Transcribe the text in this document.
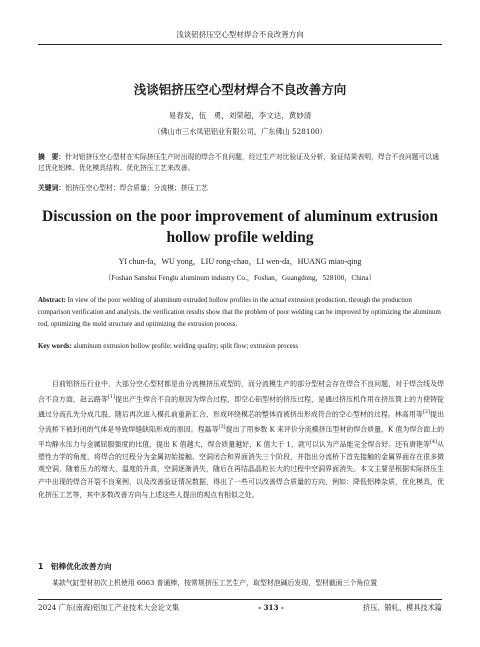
浅谈铝挤压空心型材焊合不良改善方向
浅谈铝挤压空心型材焊合不良改善方向
易春发，伍　勇，刘荣超，李文达，黄妙清
（佛山市三水凤铝铝业有限公司，广东佛山 528100）
摘　要：针对铝挤压空心型材在实际挤压生产时出现的焊合不良问题，经过生产对比验证及分析，验证结果表明，焊合不良问题可以通过优化铝棒、优化模具结构、优化挤压工艺来改善。
关键词：铝挤压空心型材；焊合质量；分流模；挤压工艺
Discussion on the poor improvement of aluminum extrusion hollow profile welding
YI chun-fa，WU yong，LIU rong-chao，LI wen-da，HUANG miao-qing
（Foshan Sanshui Fenglu aluminum industry Co.，Foshan，Guangdong，528100，China）
Abstract: In view of the poor welding of aluminum extruded hollow profiles in the actual extrusion production, through the production comparison verification and analysis, the verification results show that the problem of poor welding can be improved by optimizing the aluminum rod, optimizing the mold structure and optimizing the extrusion process.
Key words: aluminum extrusion hollow profile; welding quality; split flow; extrusion process
目前铝挤压行业中，大部分空心型材都是由分流模挤压成型的，而分流模生产的部分型材会存在焊合不良问题，对于焊合线及焊合不良方面，赵云路等[1]提出产生焊合不良的原因为焊合过程，即空心铝型材的挤压过程，是通过挤压机作用在挤压筒上的力使铸锭通过分流孔先分成几股，随后再次进入模孔前重新汇合，形成环绕模芯的整体而被挤出形成符合的空心型材的过程。林高用等[2]提出分流桥下被封闭的气体是导致焊缝缺陷形成的原因。程磊等[3]提出了用参数 K 来评价分流模挤压型材的焊合质量，K 值为焊合面上的平均静水压力与金属屈服强度的比值，提出 K 值越大，焊合质量越好，K 值大于 1，就可以认为产品能完全焊合好。还有唐艳等[4]从塑性力学的角度，将焊合的过程分为金属初始接触、空洞闭合和界面消失三个阶段，并指出分流桥下首先接触的金属界面存在很多微观空洞，随着压力的增大，温度的升高，空洞逐渐消失，随后在再结晶晶粒长大的过程中空洞界面消失。本文主要是根据实际挤压生产中出现的焊合开裂不良案例，以及改善验证情况数据，得出了一些可以改善焊合质量的方向，例如：降低铝棒杂质，优化模具，优化挤压工艺等，其中多数改善方向与上述这些人提出的观点有相似之处。
1　铝棒优化改善方向
某款气缸型材初次上机使用 6063 普通棒，按常规挤压工艺生产，取型材泡碱后发现，型材截面三个角位置
2024 广东(南海)铝加工产业技术大会论文集	- 313 -	挤压、锻轧、模具技术篇
